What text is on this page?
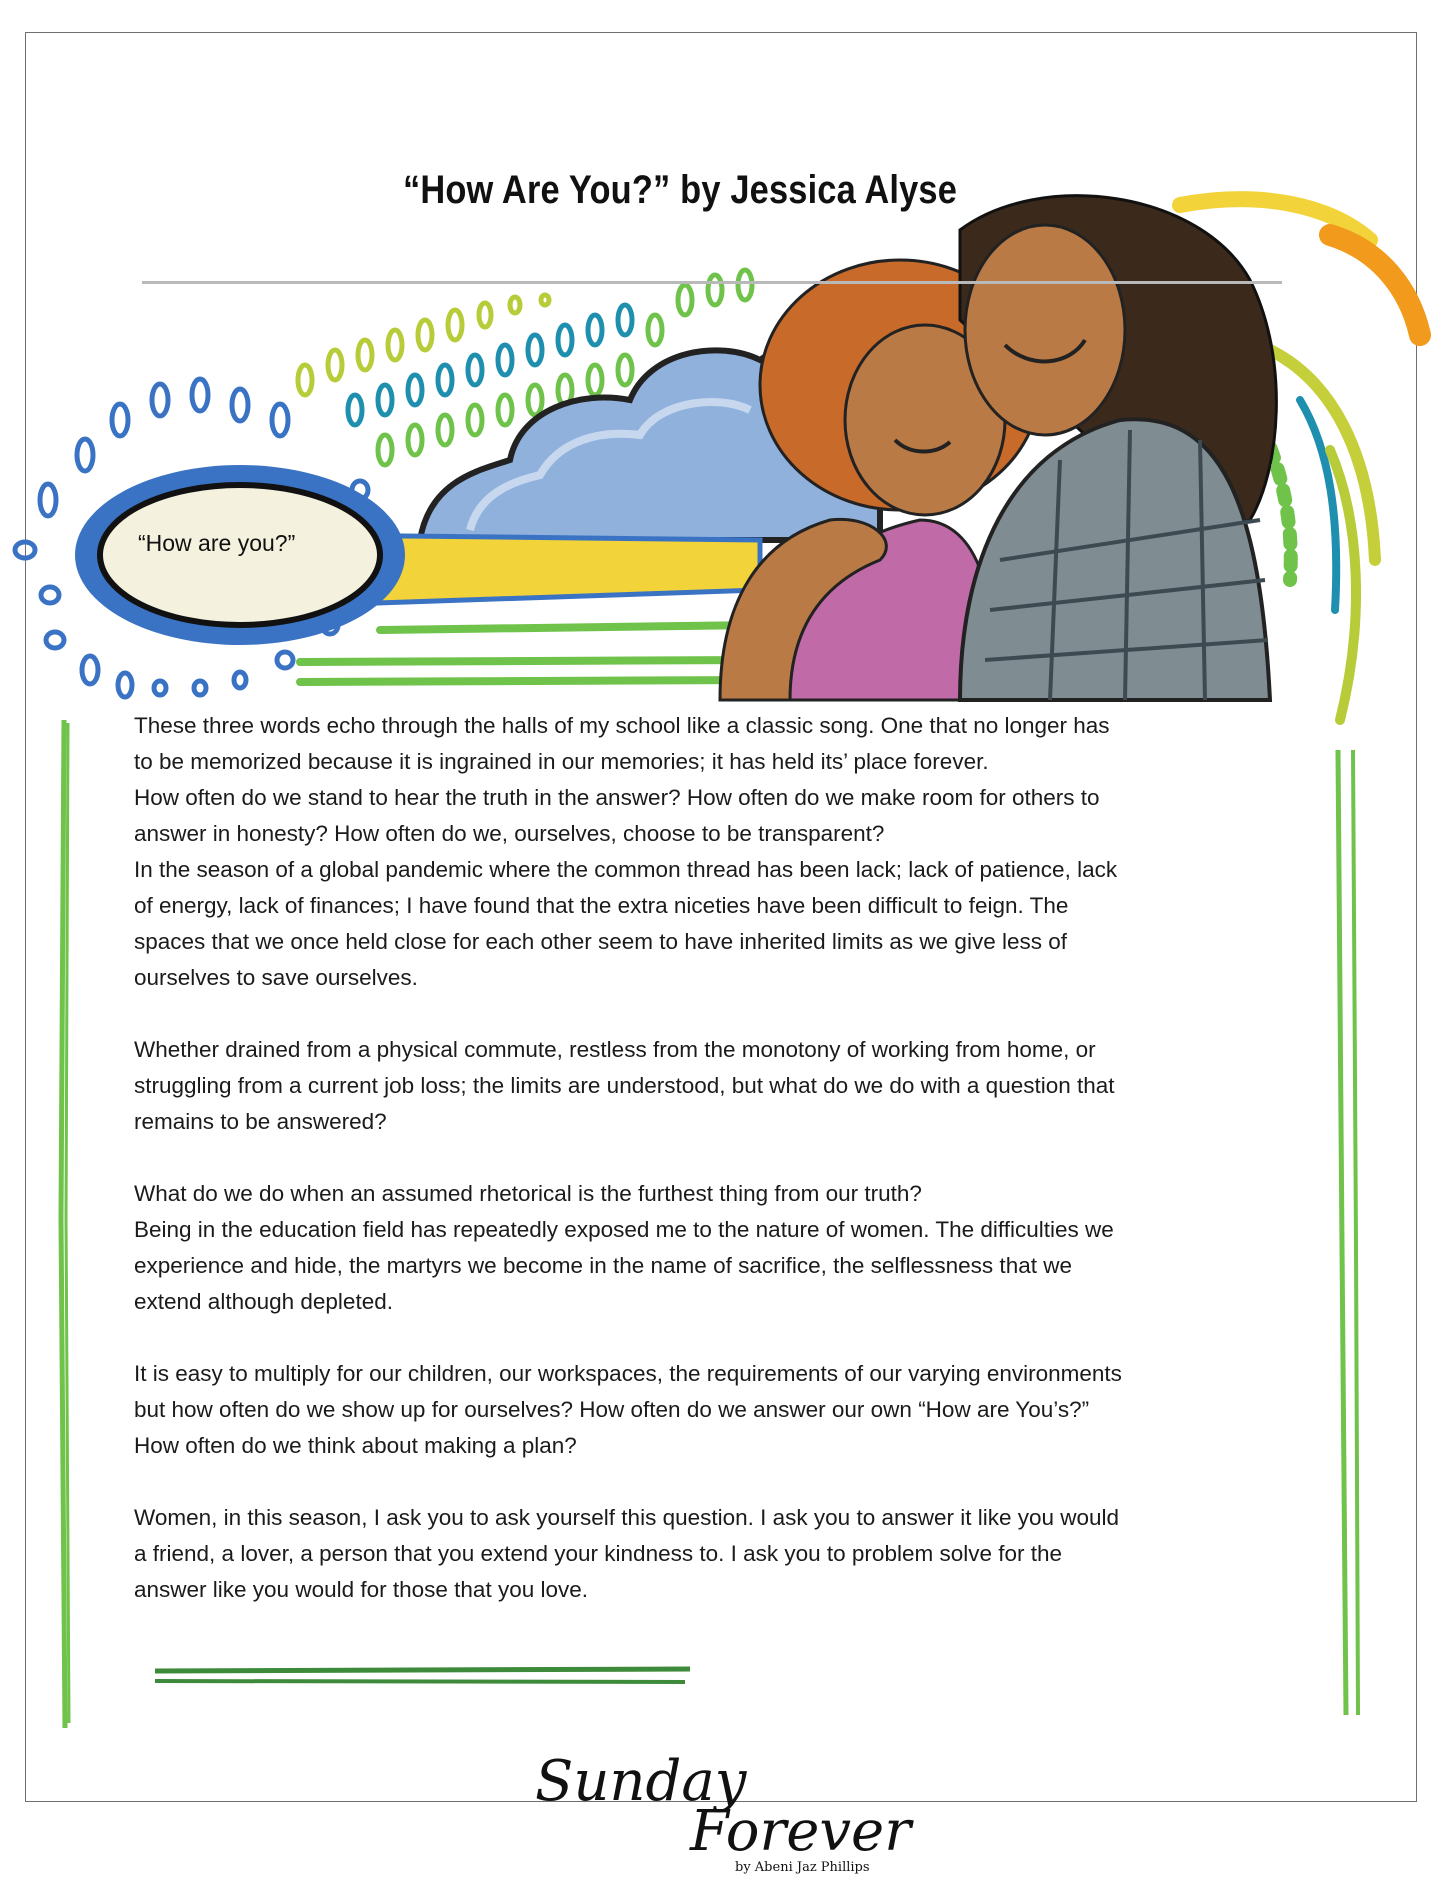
“How Are You?” by Jessica Alyse
“How are you?”

These three words echo through the halls of my school like a classic song. One that no longer has
to be memorized because it is ingrained in our memories; it has held its’ place forever.
How often do we stand to hear the truth in the answer? How often do we make room for others to
answer in honesty? How often do we, ourselves, choose to be transparent?
In the season of a global pandemic where the common thread has been lack; lack of patience, lack
of energy, lack of finances; I have found that the extra niceties have been difficult to feign. The
spaces that we once held close for each other seem to have inherited limits as we give less of
ourselves to save ourselves.

Whether drained from a physical commute, restless from the monotony of working from home, or
struggling from a current job loss; the limits are understood, but what do we do with a question that
remains to be answered?

What do we do when an assumed rhetorical is the furthest thing from our truth?
Being in the education field has repeatedly exposed me to the nature of women. The difficulties we
experience and hide, the martyrs we become in the name of sacrifice, the selflessness that we
extend although depleted.

It is easy to multiply for our children, our workspaces, the requirements of our varying environments
but how often do we show up for ourselves? How often do we answer our own “How are You’s?”
How often do we think about making a plan?

Women, in this season, I ask you to ask yourself this question. I ask you to answer it like you would
a friend, a lover, a person that you extend your kindness to. I ask you to problem solve for the
answer like you would for those that you love.

Sunday
Forever
by Abeni Jaz Phillips
